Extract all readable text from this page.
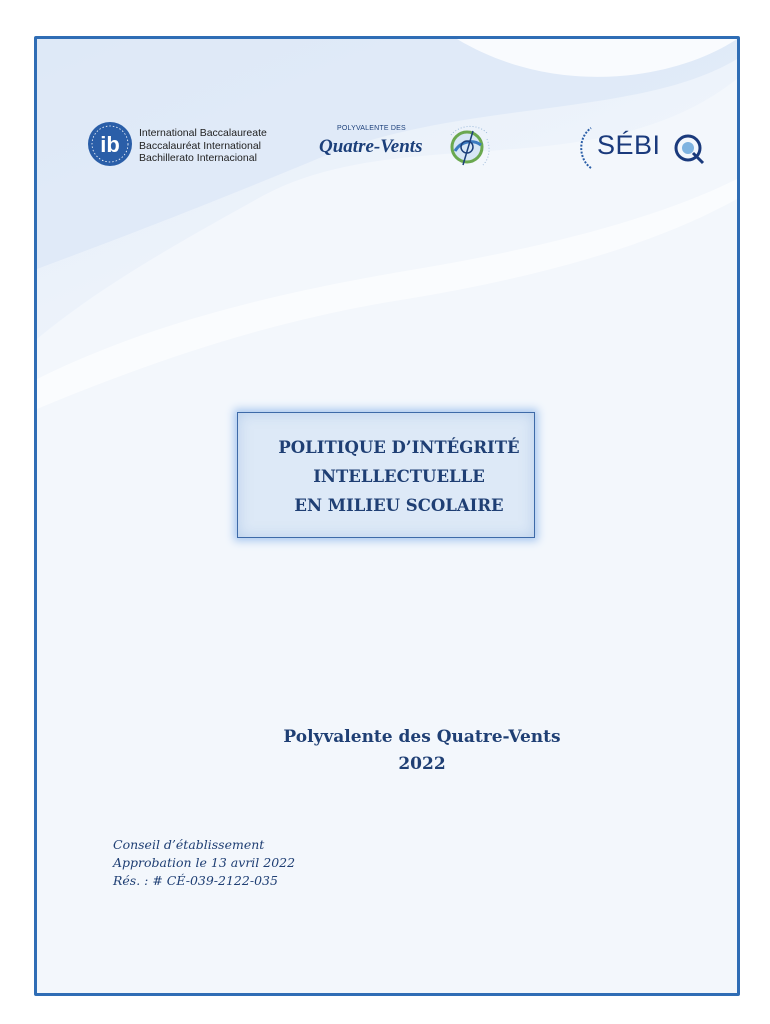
ib International Baccalaureate
Baccalauréat International
Bachillerato Internacional
POLYVALENTE DES
Quatre-Vents	SÉBI
POLITIQUE D’INTÉGRITÉ
INTELLECTUELLE
EN MILIEU SCOLAIRE
Polyvalente des Quatre-Vents
2022
Conseil d’établissement
Approbation le 13 avril 2022
Rés. : # CÉ-039-2122-035
